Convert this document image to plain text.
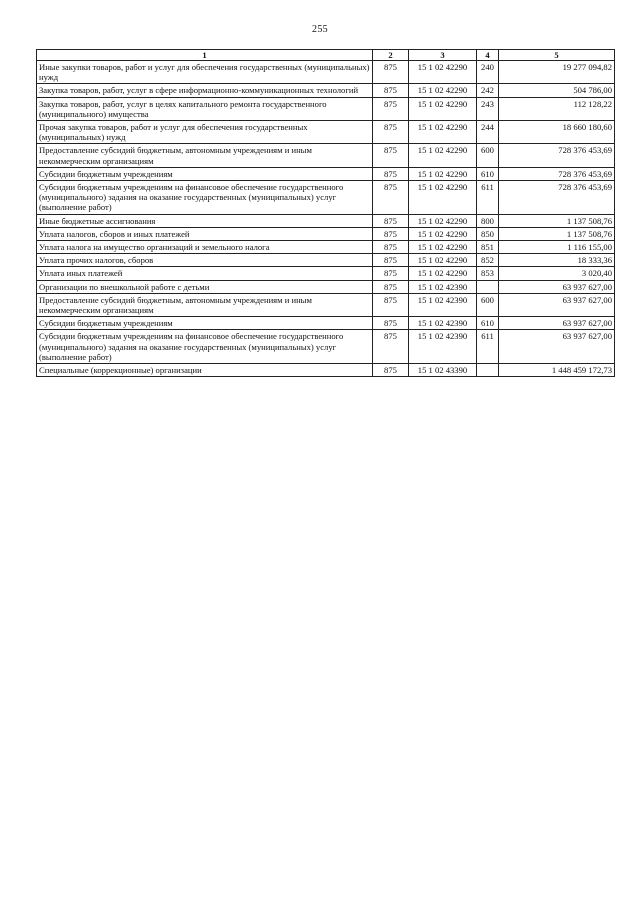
255
1	2	3	4	5
Иные закупки товаров, работ и услуг для обеспечения государственных (муниципальных) нужд	875	15 1 02 42290	240	19 277 094,82
Закупка товаров, работ, услуг в сфере информационно-коммуникационных технологий	875	15 1 02 42290	242	504 786,00
Закупка товаров, работ, услуг в целях капитального ремонта государственного (муниципального) имущества	875	15 1 02 42290	243	112 128,22
Прочая закупка товаров, работ и услуг для обеспечения государственных (муниципальных) нужд	875	15 1 02 42290	244	18 660 180,60
Предоставление субсидий бюджетным, автономным учреждениям и иным некоммерческим организациям	875	15 1 02 42290	600	728 376 453,69
Субсидии бюджетным учреждениям	875	15 1 02 42290	610	728 376 453,69
Субсидии бюджетным учреждениям на финансовое обеспечение государственного (муниципального) задания на оказание государственных (муниципальных) услуг (выполнение работ)	875	15 1 02 42290	611	728 376 453,69
Иные бюджетные ассигнования	875	15 1 02 42290	800	1 137 508,76
Уплата налогов, сборов и иных платежей	875	15 1 02 42290	850	1 137 508,76
Уплата налога на имущество организаций и земельного налога	875	15 1 02 42290	851	1 116 155,00
Уплата прочих налогов, сборов	875	15 1 02 42290	852	18 333,36
Уплата иных платежей	875	15 1 02 42290	853	3 020,40
Организации по внешкольной работе с детьми	875	15 1 02 42390		63 937 627,00
Предоставление субсидий бюджетным, автономным учреждениям и иным некоммерческим организациям	875	15 1 02 42390	600	63 937 627,00
Субсидии бюджетным учреждениям	875	15 1 02 42390	610	63 937 627,00
Субсидии бюджетным учреждениям на финансовое обеспечение государственного (муниципального) задания на оказание государственных (муниципальных) услуг (выполнение работ)	875	15 1 02 42390	611	63 937 627,00
Специальные (коррекционные) организации	875	15 1 02 43390		1 448 459 172,73
